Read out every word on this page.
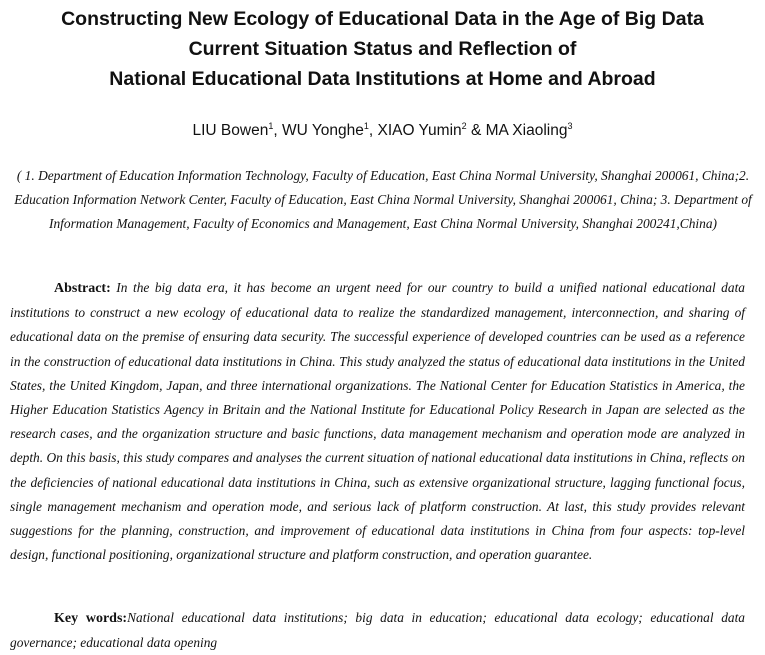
Constructing New Ecology of Educational Data in the Age of Big Data

Current Situation Status and Reflection of

National Educational Data Institutions at Home and Abroad

LIU Bowen$^1$, WU Yonghe$^1$, XIAO Yumin$^2$ & MA Xiaoling$^3$
( 1. Department of Education Information Technology, Faculty of Education, East China Normal University, Shanghai 200061, China;2. Education Information Network Center, Faculty of Education, East China Normal University, Shanghai 200061, China; 3. Department of Information Management, Faculty of Economics and Management, East China Normal University, Shanghai 200241,China)
Abstract: In the big data era, it has become an urgent need for our country to build a unified national educational data institutions to construct a new ecology of educational data to realize the standardized management, interconnection, and sharing of educational data on the premise of ensuring data security. The successful experience of developed countries can be used as a reference in the construction of educational data institutions in China. This study analyzed the status of educational data institutions in the United States, the United Kingdom, Japan, and three international organizations. The National Center for Education Statistics in America, the Higher Education Statistics Agency in Britain and the National Institute for Educational Policy Research in Japan are selected as the research cases, and the organization structure and basic functions, data management mechanism and operation mode are analyzed in depth. On this basis, this study compares and analyses the current situation of national educational data institutions in China, reflects on the deficiencies of national educational data institutions in China, such as extensive organizational structure, lagging functional focus, single management mechanism and operation mode, and serious lack of platform construction. At last, this study provides relevant suggestions for the planning, construction, and improvement of educational data institutions in China from four aspects: top-level design, functional positioning, organizational structure and platform construction, and operation guarantee.
Key words:National educational data institutions; big data in education; educational data ecology; educational data governance; educational data opening
